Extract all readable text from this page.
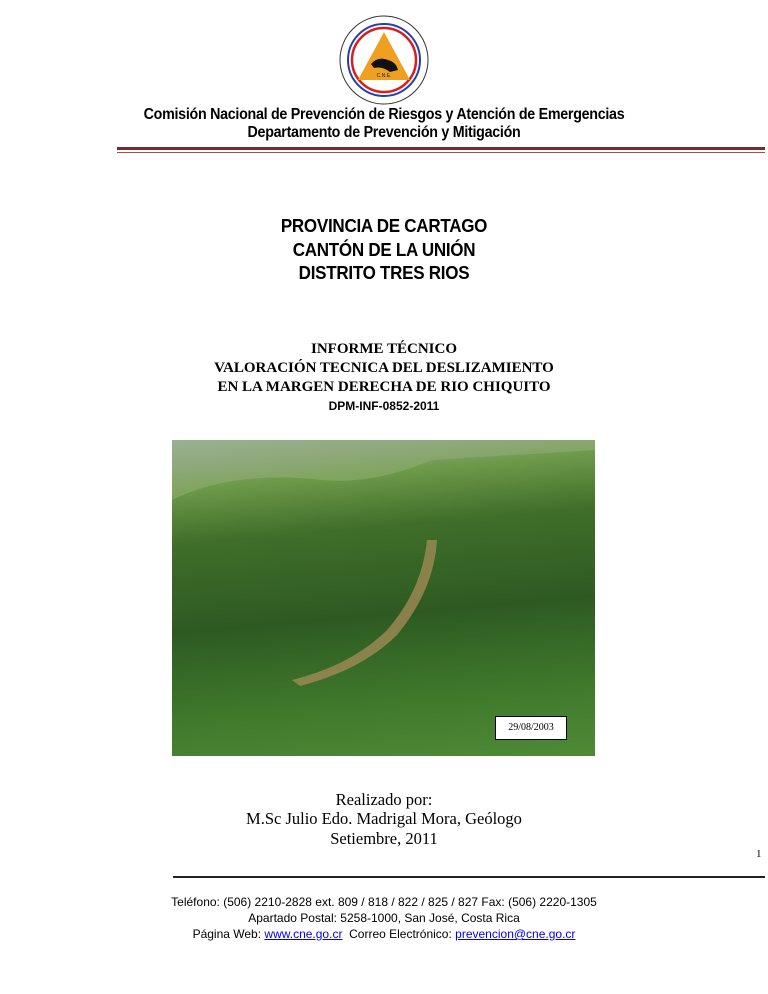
C.N.E.
Comisión Nacional de Prevención de Riesgos y Atención de Emergencias
Departamento de Prevención y Mitigación
PROVINCIA DE CARTAGO
CANTÓN DE LA UNIÓN
DISTRITO TRES RIOS
INFORME TÉCNICO
VALORACIÓN TECNICA DEL DESLIZAMIENTO
EN LA MARGEN DERECHA DE RIO CHIQUITO
DPM-INF-0852-2011
29/08/2003
Realizado por:
M.Sc Julio Edo. Madrigal Mora, Geólogo
Setiembre, 2011
1
Teléfono: (506) 2210-2828 ext. 809 / 818 / 822 / 825 / 827 Fax: (506) 2220-1305
Apartado Postal: 5258-1000, San José, Costa Rica
Página Web: www.cne.go.cr  Correo Electrónico: prevencion@cne.go.cr
